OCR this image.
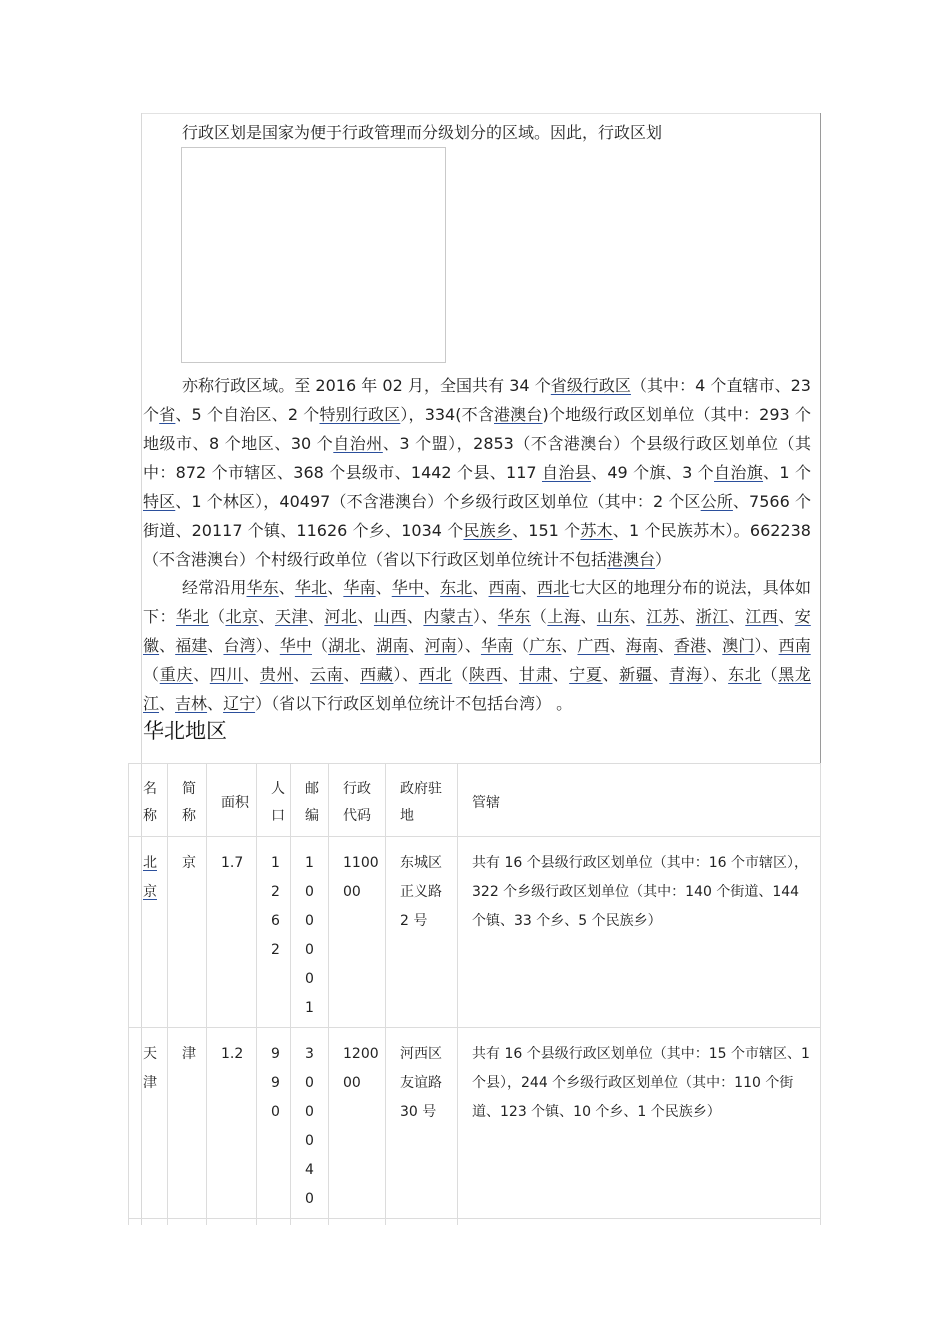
行政区划是国家为便于行政管理而分级划分的区域。因此，行政区划

亦称行政区域。至 2016 年 02 月，全国共有 34 个省级行政区（其中：4 个直辖市、23 个省、5 个自治区、2 个特别行政区），334(不含港澳台)个地级行政区划单位（其中：293 个地级市、8 个地区、30 个自治州、3 个盟），2853（不含港澳台）个县级行政区划单位（其中：872 个市辖区、368 个县级市、1442 个县、117 自治县、49 个旗、3 个自治旗、1 个特区、1 个林区），40497（不含港澳台）个乡级行政区划单位（其中：2 个区公所、7566 个街道、20117 个镇、11626 个乡、1034 个民族乡、151 个苏木、1 个民族苏木）。662238（不含港澳台）个村级行政单位（省以下行政区划单位统计不包括港澳台）

经常沿用华东、华北、华南、华中、东北、西南、西北七大区的地理分布的说法，具体如下：华北（北京、天津、河北、山西、内蒙古）、华东（上海、山东、江苏、浙江、江西、安徽、福建、台湾）、华中（湖北、湖南、河南）、华南（广东、广西、海南、香港、澳门）、西南（重庆、四川、贵州、云南、西藏）、西北（陕西、甘肃、宁夏、新疆、青海）、东北（黑龙江、吉林、辽宁）（省以下行政区划单位统计不包括台湾） 。

华北地区
名称	简称	面积	人口	邮编	行政代码	政府驻地	管辖
北京	京	1.7	1262	100001	110000	东城区正义路 2 号	共有 16 个县级行政区划单位（其中：16 个市辖区），322 个乡级行政区划单位（其中：140 个街道、144 个镇、33 个乡、5 个民族乡）
天津	津	1.2	990	300040	120000	河西区友谊路 30 号	共有 16 个县级行政区划单位（其中：15 个市辖区、1 个县），244 个乡级行政区划单位（其中：110 个街道、123 个镇、10 个乡、1 个民族乡）
